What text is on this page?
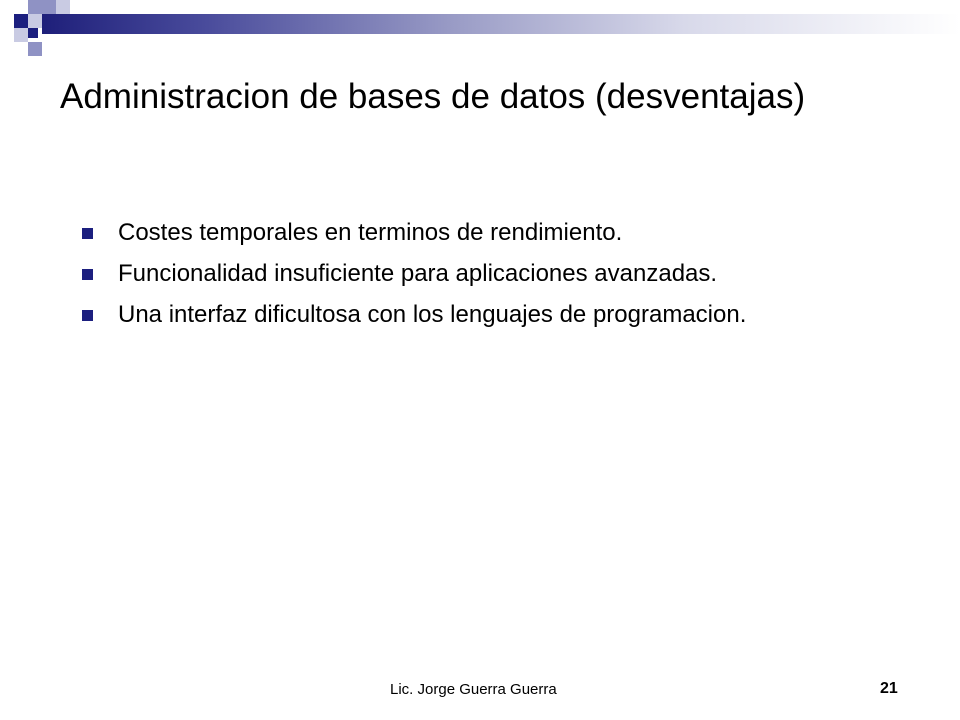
Administracion de bases de datos (desventajas)
Costes temporales en terminos de rendimiento.
Funcionalidad insuficiente para aplicaciones avanzadas.
Una interfaz dificultosa con los lenguajes de programacion.
Lic. Jorge Guerra Guerra	21
